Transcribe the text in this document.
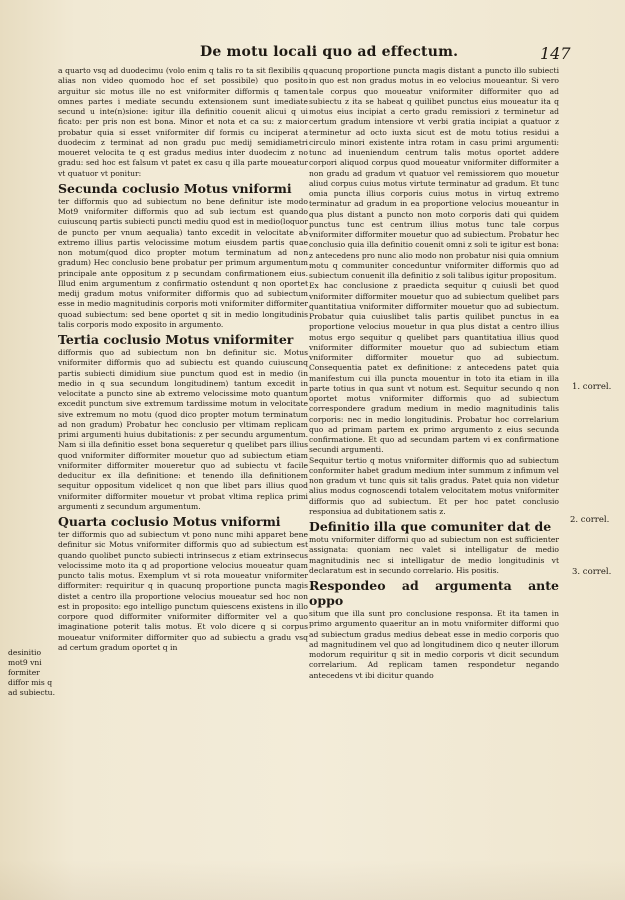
De motu locali quo ad effectum.	147

a quarto vsq ad duodecimu (volo enim q talis ro ta sit flexibilis q alias non video quomodo hoc ef set possibile) quo posito arguitur sic motus ille no est vniformiter difformis q tamen omnes partes i mediate secundu extensionem sunt imediate secund u inte(n)sione: igitur illa definitio couenit alicui q ui ficato: per pris non est bona. Minor et nota et ca su: z maior probatur quia si esset vniformiter dif formis cu inciperat a duodecim z terminat ad non gradu puc medij semidiametri moueret velocita te q est gradus medius inter duodecim z no gradu: sed hoc est falsum vt patet ex casu q illa parte moueatur vt quatuor vt ponitur:

Secunda coclusio Motus vniformi

ter difformis quo ad subiectum no bene definitur iste modo Mot9 vniformiter difformis quo ad sub iectum est quando cuiuscunq partis subiecti puncti mediu quod est in medio(loquor de puncto per vnum aequalia) tanto excedit in velocitate ab extremo illius partis velocissime motum eiusdem partis quae non motum(quod dico propter motum terminatum ad non gradum) Hec conclusio bene probatur per primum argumentum principale ante oppositum z p secundam confirmationem eius. Illud enim argumentum z confirmatio ostendunt q non oportet medij gradum motus vniformiter difformis quo ad subiectum esse in medio magnitudinis corporis moti vniformiter difformiter quoad subiectum: sed bene oportet q sit in medio longitudinis talis corporis modo exposito in argumento.

Tertia coclusio Motus vniformiter

difformis quo ad subiectum non bn definitur sic. Motus vniformiter difformis quo ad subiectu est quando cuiuscunq partis subiecti dimidium siue punctum quod est in medio (in medio in q sua secundum longitudinem) tantum excedit in velocitate a puncto sine ab extremo velocissime moto quantum excedit punctum sive extremum tardissime motum in velocitate sive extremum no motu (quod dico propter motum terminatum ad non gradum) Probatur hec conclusio per vltimam replicam primi argumenti huius dubitationis: z per secundu argumentum. Nam si illa definitio esset bona sequeretur q quelibet pars illius quod vniformiter difformiter mouetur quo ad subiectum etiam vniformiter difformiter moueretur quo ad subiectu vt facile deducitur ex illa definitione: et tenendo illa definitionem sequitur oppositum videlicet q non que libet pars illius quod vniformiter difformiter mouetur vt probat vltima replica primi argumenti z secundum argumentum.

Quarta coclusio Motus vniformi

ter difformis quo ad subiectum vt pono nunc mihi apparet bene definitur sic Motus vniformiter difformis quo ad subiectum est quando quolibet puncto subiecti intrinsecus z etiam extrinsecus velocissime moto ita q ad proportione velocius moueatur quam puncto talis motus. Exemplum vt si rota moueatur vniformiter difformiter: requiritur q in quacunq proportione puncta magis distet a centro illa proportione velocius moueatur sed hoc non est in proposito: ego intelligo punctum quiescens existens in illo corpore quod difformiter vniformiter difformiter vel a quo imaginatione poterit talis motus. Et volo dicere q si corpus moueatur vniformiter difformiter quo ad subiectu a gradu vsq ad certum gradum oportet q in

quacunq proportione puncta magis distant a puncto illo subiecti in quo est non gradus motus in eo velocius moueantur. Si vero tale corpus quo moueatur vniformiter difformiter quo ad subiectu z ita se habeat q quilibet punctus eius moueatur ita q motus eius incipiat a certo gradu remissiori z terminetur ad certum gradum intensiore vt verbi gratia incipiat a quatuor z terminetur ad octo iuxta sicut est de motu totius residui a circulo minori existente intra rotam in casu primi argumenti: tunc ad inueniendum centrum talis motus oportet addere corpori aliquod corpus quod moueatur vniformiter difformiter a non gradu ad gradum vt quatuor vel remissiorem quo mouetur aliud corpus cuius motus virtute terminatur ad gradum. Et tunc omia puncta illius corporis cuius motus in virtuq extremo terminatur ad gradum in ea proportione velocius moueantur in qua plus distant a puncto non moto corporis dati qui quidem punctus tunc est centrum illius motus tunc tale corpus vniformiter difformiter mouetur quo ad subiectum. Probatur hec conclusio quia illa definitio couenit omni z soli te igitur est bona: z antecedens pro nunc alio modo non probatur nisi quia omnium motu q communiter conceduntur vniformiter difformis quo ad subiectum conuenit illa definitio z soli talibus igitur propositum.

Ex hac conclusione z praedicta sequitur q cuiusli bet quod vniformiter difformiter mouetur quo ad subiectum quelibet pars quantitatiua vniformiter difformiter mouetur quo ad subiectum. Probatur quia cuiuslibet talis partis quilibet punctus in ea proportione velocius mouetur in qua plus distat a centro illius motus ergo sequitur q quelibet pars quantitatiua illius quod vniformiter difformiter mouetur quo ad subiectum etiam vniformiter difformiter mouetur quo ad subiectum. Consequentia patet ex definitione: z antecedens patet quia manifestum cui illa puncta mouentur in toto ita etiam in illa parte totius in qua sunt vt notum est. Sequitur secundo q non oportet motus vniformiter difformis quo ad subiectum correspondere gradum medium in medio magnitudinis talis corporis: nec in medio longitudinis. Probatur hoc correlarium quo ad primam partem ex primo argumento z eius secunda confirmatione. Et quo ad secundam partem vi ex confirmatione secundi argumenti.

Sequitur tertio q motus vniformiter difformis quo ad subiectum conformiter habet gradum medium inter summum z infimum vel non gradum vt tunc quis sit talis gradus. Patet quia non videtur alius modus cognoscendi totalem velocitatem motus vniformiter difformis quo ad subiectum. Et per hoc patet conclusio responsiua ad dubitationem satis z.

Definitio illa que comuniter dat de

motu vniformiter difformi quo ad subiectum non est sufficienter assignata: quoniam nec valet si intelligatur de medio magnitudinis nec si intelligatur de medio longitudinis vt declaratum est in secundo correlario. His positis.

Respondeo ad argumenta ante oppo

situm que illa sunt pro conclusione responsa. Et ita tamen in primo argumento quaeritur an in motu vniformiter difformi quo ad subiectum gradus medius debeat esse in medio corporis quo ad magnitudinem vel quo ad longitudinem dico q neuter illorum modorum requiritur q sit in medio corporis vt dicit secundum correlarium. Ad replicam tamen respondetur negando antecedens vt ibi dicitur quando

desinitio mot9 vni formiter diffor mis q ad subiectu.
1. correl.
2. correl.
3. correl.
